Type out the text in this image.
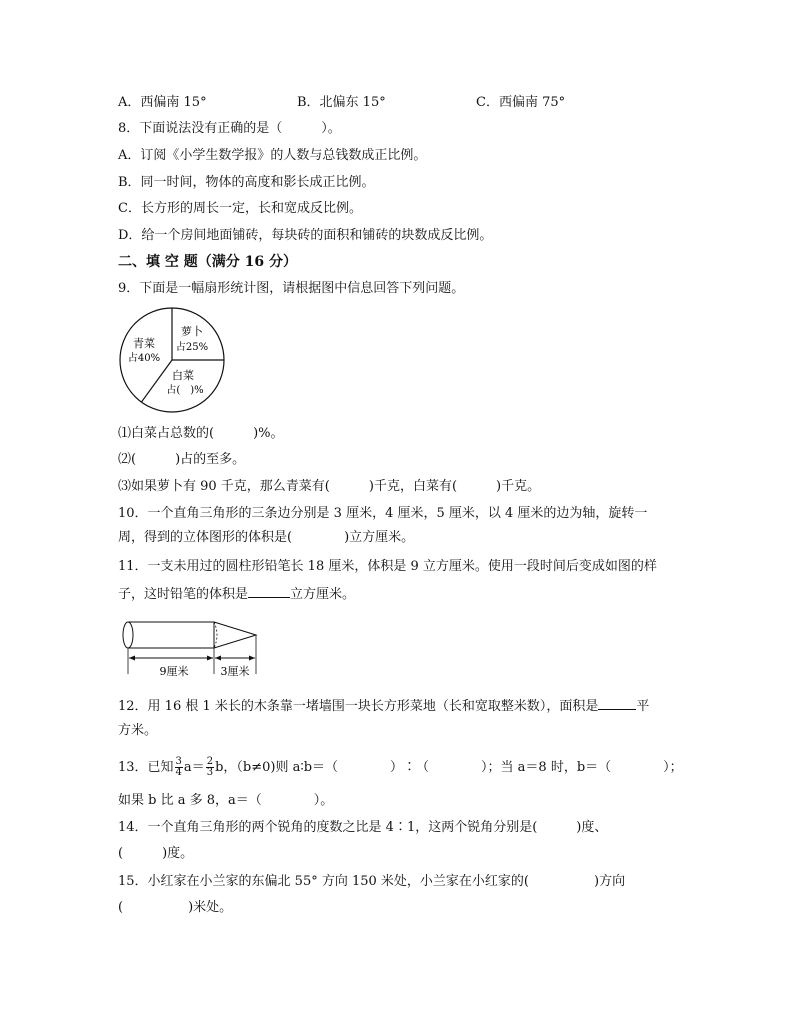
A．西偏南 15°	B．北偏东 15°	C．西偏南 75°
8．下面说法没有正确的是（　　　）。
A．订阅《小学生数学报》的人数与总钱数成正比例。
B．同一时间，物体的高度和影长成正比例。
C．长方形的周长一定，长和宽成反比例。
D．给一个房间地面铺砖，每块砖的面积和铺砖的块数成反比例。
二、填 空 题（满分 16 分）
9．下面是一幅扇形统计图，请根据图中信息回答下列问题。
青菜
占40%
萝卜
占25%
白菜
占(　)%
⑴白菜占总数的(　　　)%。
⑵(　　　)占的至多。
⑶如果萝卜有 90 千克，那么青菜有(　　　)千克，白菜有(　　　)千克。
10．一个直角三角形的三条边分别是 3 厘米，4 厘米，5 厘米，以 4 厘米的边为轴，旋转一
周，得到的立体图形的体积是(　　　　)立方厘米。
11．一支未用过的圆柱形铅笔长 18 厘米，体积是 9 立方厘米。使用一段时间后变成如图的样
子，这时铅笔的体积是	立方厘米。
9厘米	3厘米
12．用 16 根 1 米长的木条靠一堵墙围一块长方形菜地（长和宽取整米数），面积是	平
方米。
13．已知 $\frac{3}{4} a= \frac{2}{3}$ b，（b≠0)则 a∶b＝（　　　　）∶（　　　　）；当 a＝8 时，b＝（　　　　）；
如果 b 比 a 多 8，a＝（　　　　）。
14．一个直角三角形的两个锐角的度数之比是 4∶1，这两个锐角分别是(　　　)度、
(　　　)度。
15．小红家在小兰家的东偏北 55° 方向 150 米处，小兰家在小红家的(　　　　　)方向
(　　　　　)米处。
